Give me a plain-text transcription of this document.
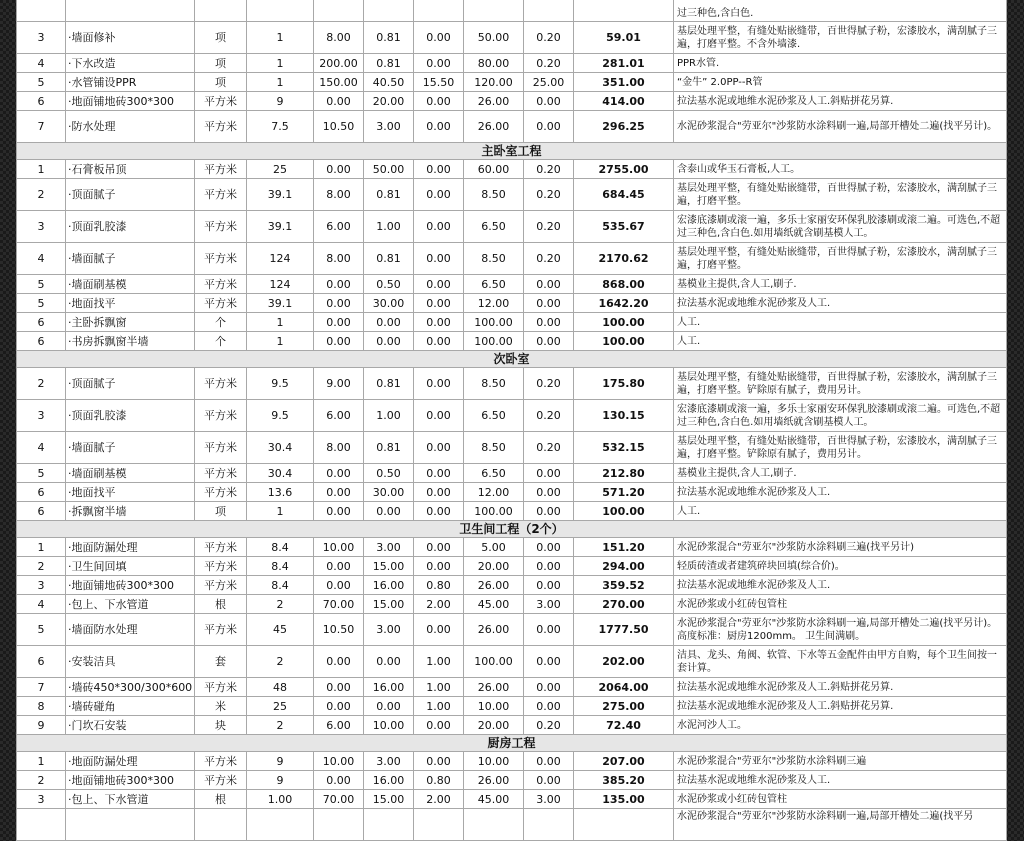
										过三种色,含白色.
3	·墙面修补	项	1	8.00	0.81	0.00	50.00	0.20	59.01	基层处理平整，有缝处贴嵌缝带，百世得腻子粉，宏漆胶水，满刮腻子三遍，打磨平整。不含外墙漆.
4	·下水改造	项	1	200.00	0.81	0.00	80.00	0.20	281.01	PPR水管.
5	·水管铺设PPR	项	1	150.00	40.50	15.50	120.00	25.00	351.00	“金牛” 2.0PP--R管
6	·地面铺地砖300*300	平方米	9	0.00	20.00	0.00	26.00	0.00	414.00	拉法基水泥或地维水泥砂浆及人工.斜贴拼花另算.
7	·防水处理	平方米	7.5	10.50	3.00	0.00	26.00	0.00	296.25	水泥砂浆混合"劳亚尔"沙浆防水涂料刷一遍,局部开槽处二遍(找平另计)。
主卧室工程										
1	·石膏板吊顶	平方米	25	0.00	50.00	0.00	60.00	0.20	2755.00	含泰山或华玉石膏板,人工。
2	·顶面腻子	平方米	39.1	8.00	0.81	0.00	8.50	0.20	684.45	基层处理平整，有缝处贴嵌缝带，百世得腻子粉，宏漆胶水，满刮腻子三遍，打磨平整。
3	·顶面乳胶漆	平方米	39.1	6.00	1.00	0.00	6.50	0.20	535.67	宏漆底漆刷或滚一遍，多乐士家丽安环保乳胶漆刷或滚二遍。可选色,不超过三种色,含白色.如用墙纸就含刷基模人工。
4	·墙面腻子	平方米	124	8.00	0.81	0.00	8.50	0.20	2170.62	基层处理平整，有缝处贴嵌缝带，百世得腻子粉，宏漆胶水，满刮腻子三遍，打磨平整。
5	·墙面刷基模	平方米	124	0.00	0.50	0.00	6.50	0.00	868.00	基模业主提供,含人工,刷子.
5	·地面找平	平方米	39.1	0.00	30.00	0.00	12.00	0.00	1642.20	拉法基水泥或地维水泥砂浆及人工.
6	·主卧拆飘窗	个	1	0.00	0.00	0.00	100.00	0.00	100.00	人工.
6	·书房拆飘窗半墙	个	1	0.00	0.00	0.00	100.00	0.00	100.00	人工.
次卧室										
2	·顶面腻子	平方米	9.5	9.00	0.81	0.00	8.50	0.20	175.80	基层处理平整，有缝处贴嵌缝带，百世得腻子粉，宏漆胶水，满刮腻子三遍，打磨平整。铲除原有腻子，费用另计。
3	·顶面乳胶漆	平方米	9.5	6.00	1.00	0.00	6.50	0.20	130.15	宏漆底漆刷或滚一遍，多乐士家丽安环保乳胶漆刷或滚二遍。可选色,不超过三种色,含白色.如用墙纸就含刷基模人工。
4	·墙面腻子	平方米	30.4	8.00	0.81	0.00	8.50	0.20	532.15	基层处理平整，有缝处贴嵌缝带，百世得腻子粉，宏漆胶水，满刮腻子三遍，打磨平整。铲除原有腻子，费用另计。
5	·墙面刷基模	平方米	30.4	0.00	0.50	0.00	6.50	0.00	212.80	基模业主提供,含人工,刷子.
6	·地面找平	平方米	13.6	0.00	30.00	0.00	12.00	0.00	571.20	拉法基水泥或地维水泥砂浆及人工.
6	·拆飘窗半墙	项	1	0.00	0.00	0.00	100.00	0.00	100.00	人工.
卫生间工程（2个）										
1	·地面防漏处理	平方米	8.4	10.00	3.00	0.00	5.00	0.00	151.20	水泥砂浆混合"劳亚尔"沙浆防水涂料刷三遍(找平另计)
2	·卫生间回填	平方米	8.4	0.00	15.00	0.00	20.00	0.00	294.00	轻质砖渣或者建筑碎块回填(综合价)。
3	·地面铺地砖300*300	平方米	8.4	0.00	16.00	0.80	26.00	0.00	359.52	拉法基水泥或地维水泥砂浆及人工.
4	·包上、下水管道	根	2	70.00	15.00	2.00	45.00	3.00	270.00	水泥砂浆或小红砖包管柱
5	·墙面防水处理	平方米	45	10.50	3.00	0.00	26.00	0.00	1777.50	水泥砂浆混合"劳亚尔"沙浆防水涂料刷一遍,局部开槽处二遍(找平另计)。高度标准：厨房1200mm。 卫生间满刷。
6	·安装洁具	套	2	0.00	0.00	1.00	100.00	0.00	202.00	洁具、龙头、角阀、软管、下水等五金配件由甲方自购，每个卫生间按一套计算。
7	·墙砖450*300/300*600	平方米	48	0.00	16.00	1.00	26.00	0.00	2064.00	拉法基水泥或地维水泥砂浆及人工.斜贴拼花另算.
8	·墙砖碰角	米	25	0.00	0.00	1.00	10.00	0.00	275.00	拉法基水泥或地维水泥砂浆及人工.斜贴拼花另算.
9	·门坎石安装	块	2	6.00	10.00	0.00	20.00	0.20	72.40	水泥河沙人工。
厨房工程										
1	·地面防漏处理	平方米	9	10.00	3.00	0.00	10.00	0.00	207.00	水泥砂浆混合"劳亚尔"沙浆防水涂料刷三遍
2	·地面铺地砖300*300	平方米	9	0.00	16.00	0.80	26.00	0.00	385.20	拉法基水泥或地维水泥砂浆及人工.
3	·包上、下水管道	根	1.00	70.00	15.00	2.00	45.00	3.00	135.00	水泥砂浆或小红砖包管柱
										水泥砂浆混合"劳亚尔"沙浆防水涂料刷一遍,局部开槽处二遍(找平另
